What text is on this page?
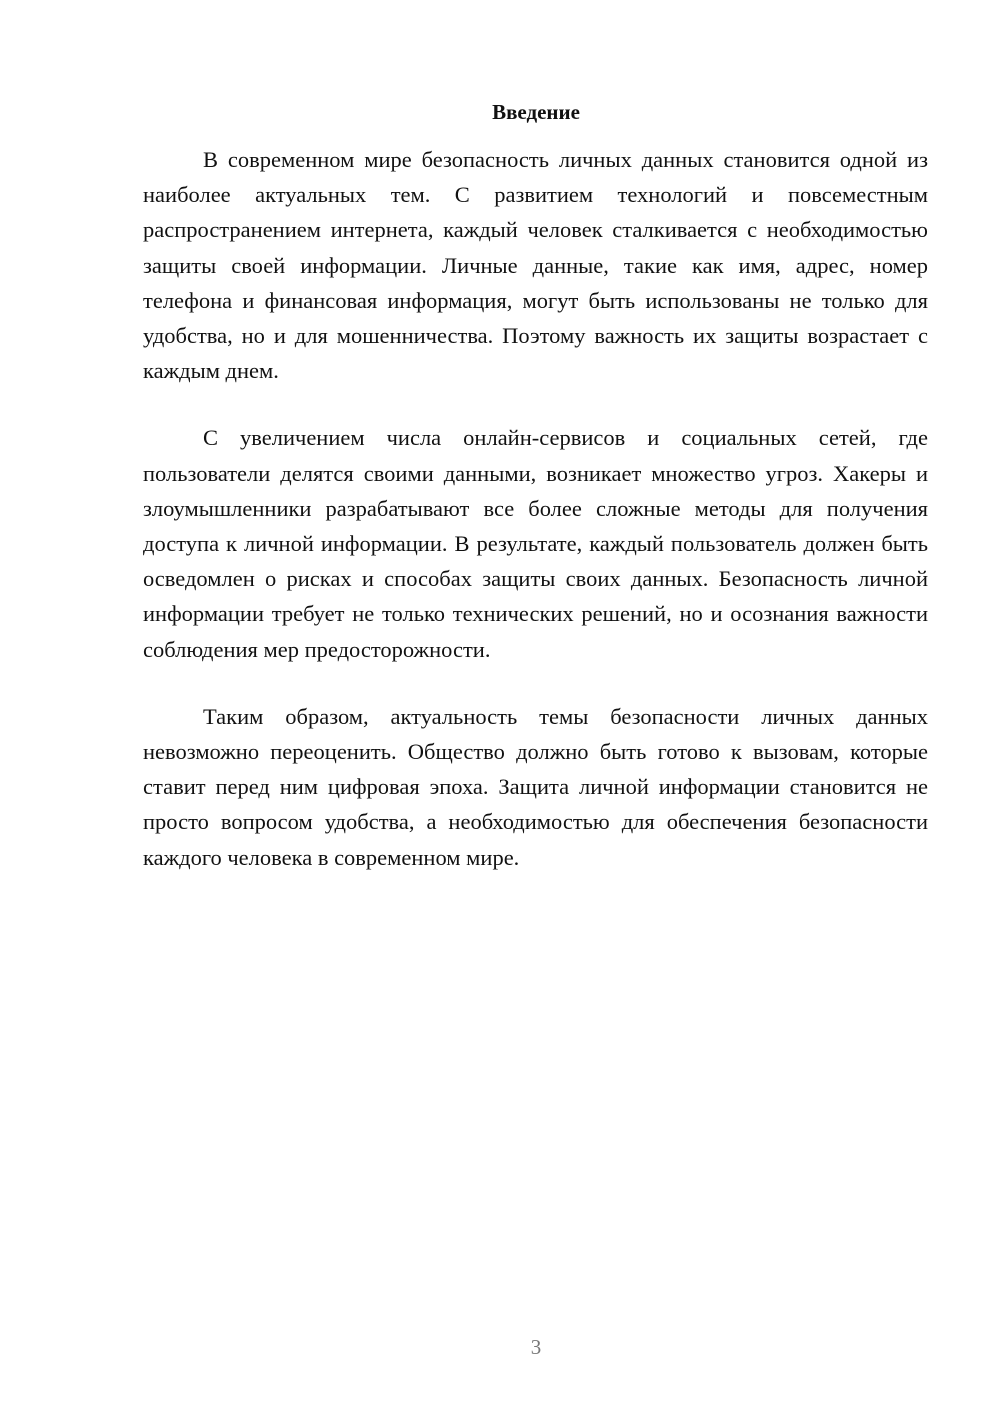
Введение

В современном мире безопасность личных данных становится одной из наиболее актуальных тем. С развитием технологий и повсеместным распространением интернета, каждый человек сталкивается с необходимостью защиты своей информации. Личные данные, такие как имя, адрес, номер телефона и финансовая информация, могут быть использованы не только для удобства, но и для мошенничества. Поэтому важность их защиты возрастает с каждым днем.

С увеличением числа онлайн-сервисов и социальных сетей, где пользователи делятся своими данными, возникает множество угроз. Хакеры и злоумышленники разрабатывают все более сложные методы для получения доступа к личной информации. В результате, каждый пользователь должен быть осведомлен о рисках и способах защиты своих данных. Безопасность личной информации требует не только технических решений, но и осознания важности соблюдения мер предосторожности.

Таким образом, актуальность темы безопасности личных данных невозможно переоценить. Общество должно быть готово к вызовам, которые ставит перед ним цифровая эпоха. Защита личной информации становится не просто вопросом удобства, а необходимостью для обеспечения безопасности каждого человека в современном мире.

3
